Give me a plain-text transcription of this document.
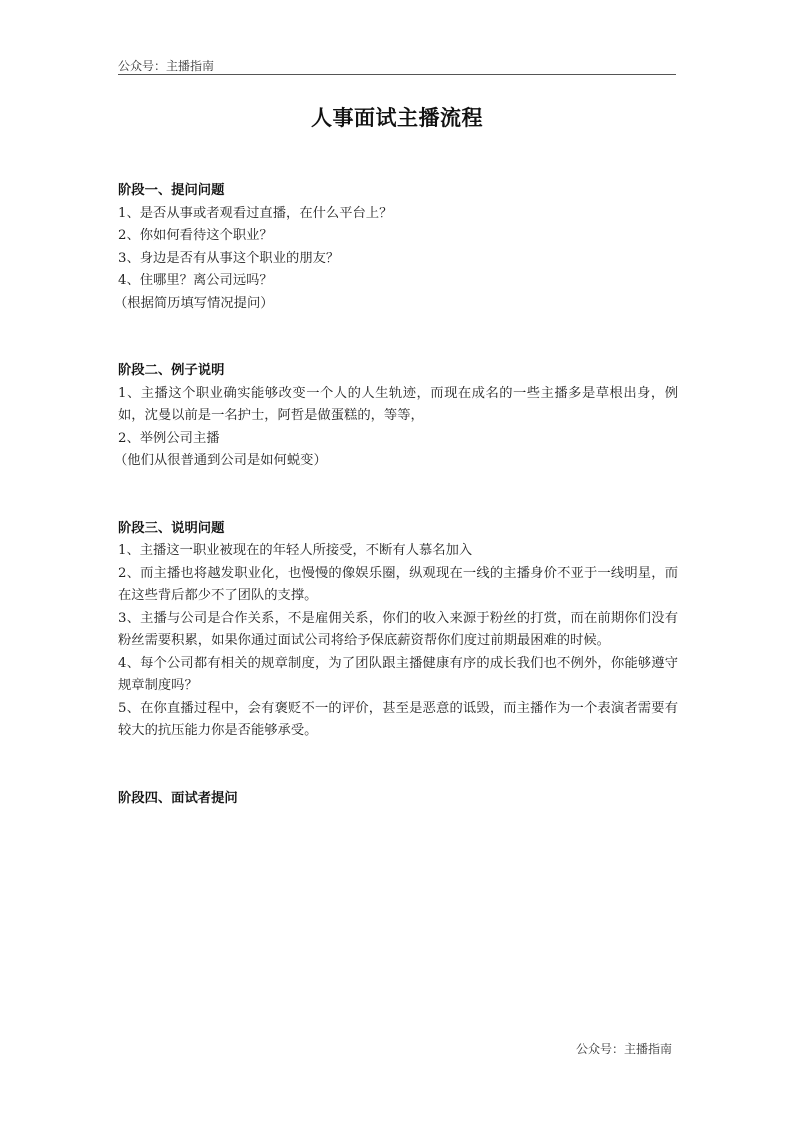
公众号：主播指南
人事面试主播流程

阶段一、提问问题

1、是否从事或者观看过直播，在什么平台上？

2、你如何看待这个职业？

3、身边是否有从事这个职业的朋友？

4、住哪里？离公司远吗？

（根据简历填写情况提问）

阶段二、例子说明

1、主播这个职业确实能够改变一个人的人生轨迹，而现在成名的一些主播多是草根出身，例如，沈曼以前是一名护士，阿哲是做蛋糕的，等等，

2、举例公司主播

（他们从很普通到公司是如何蜕变）

阶段三、说明问题

1、主播这一职业被现在的年轻人所接受，不断有人慕名加入

2、而主播也将越发职业化，也慢慢的像娱乐圈，纵观现在一线的主播身价不亚于一线明星，而在这些背后都少不了团队的支撑。

3、主播与公司是合作关系，不是雇佣关系，你们的收入来源于粉丝的打赏，而在前期你们没有粉丝需要积累，如果你通过面试公司将给予保底薪资帮你们度过前期最困难的时候。

4、每个公司都有相关的规章制度，为了团队跟主播健康有序的成长我们也不例外，你能够遵守规章制度吗？

5、在你直播过程中，会有褒贬不一的评价，甚至是恶意的诋毁，而主播作为一个表演者需要有较大的抗压能力你是否能够承受。

阶段四、面试者提问

公众号：主播指南
